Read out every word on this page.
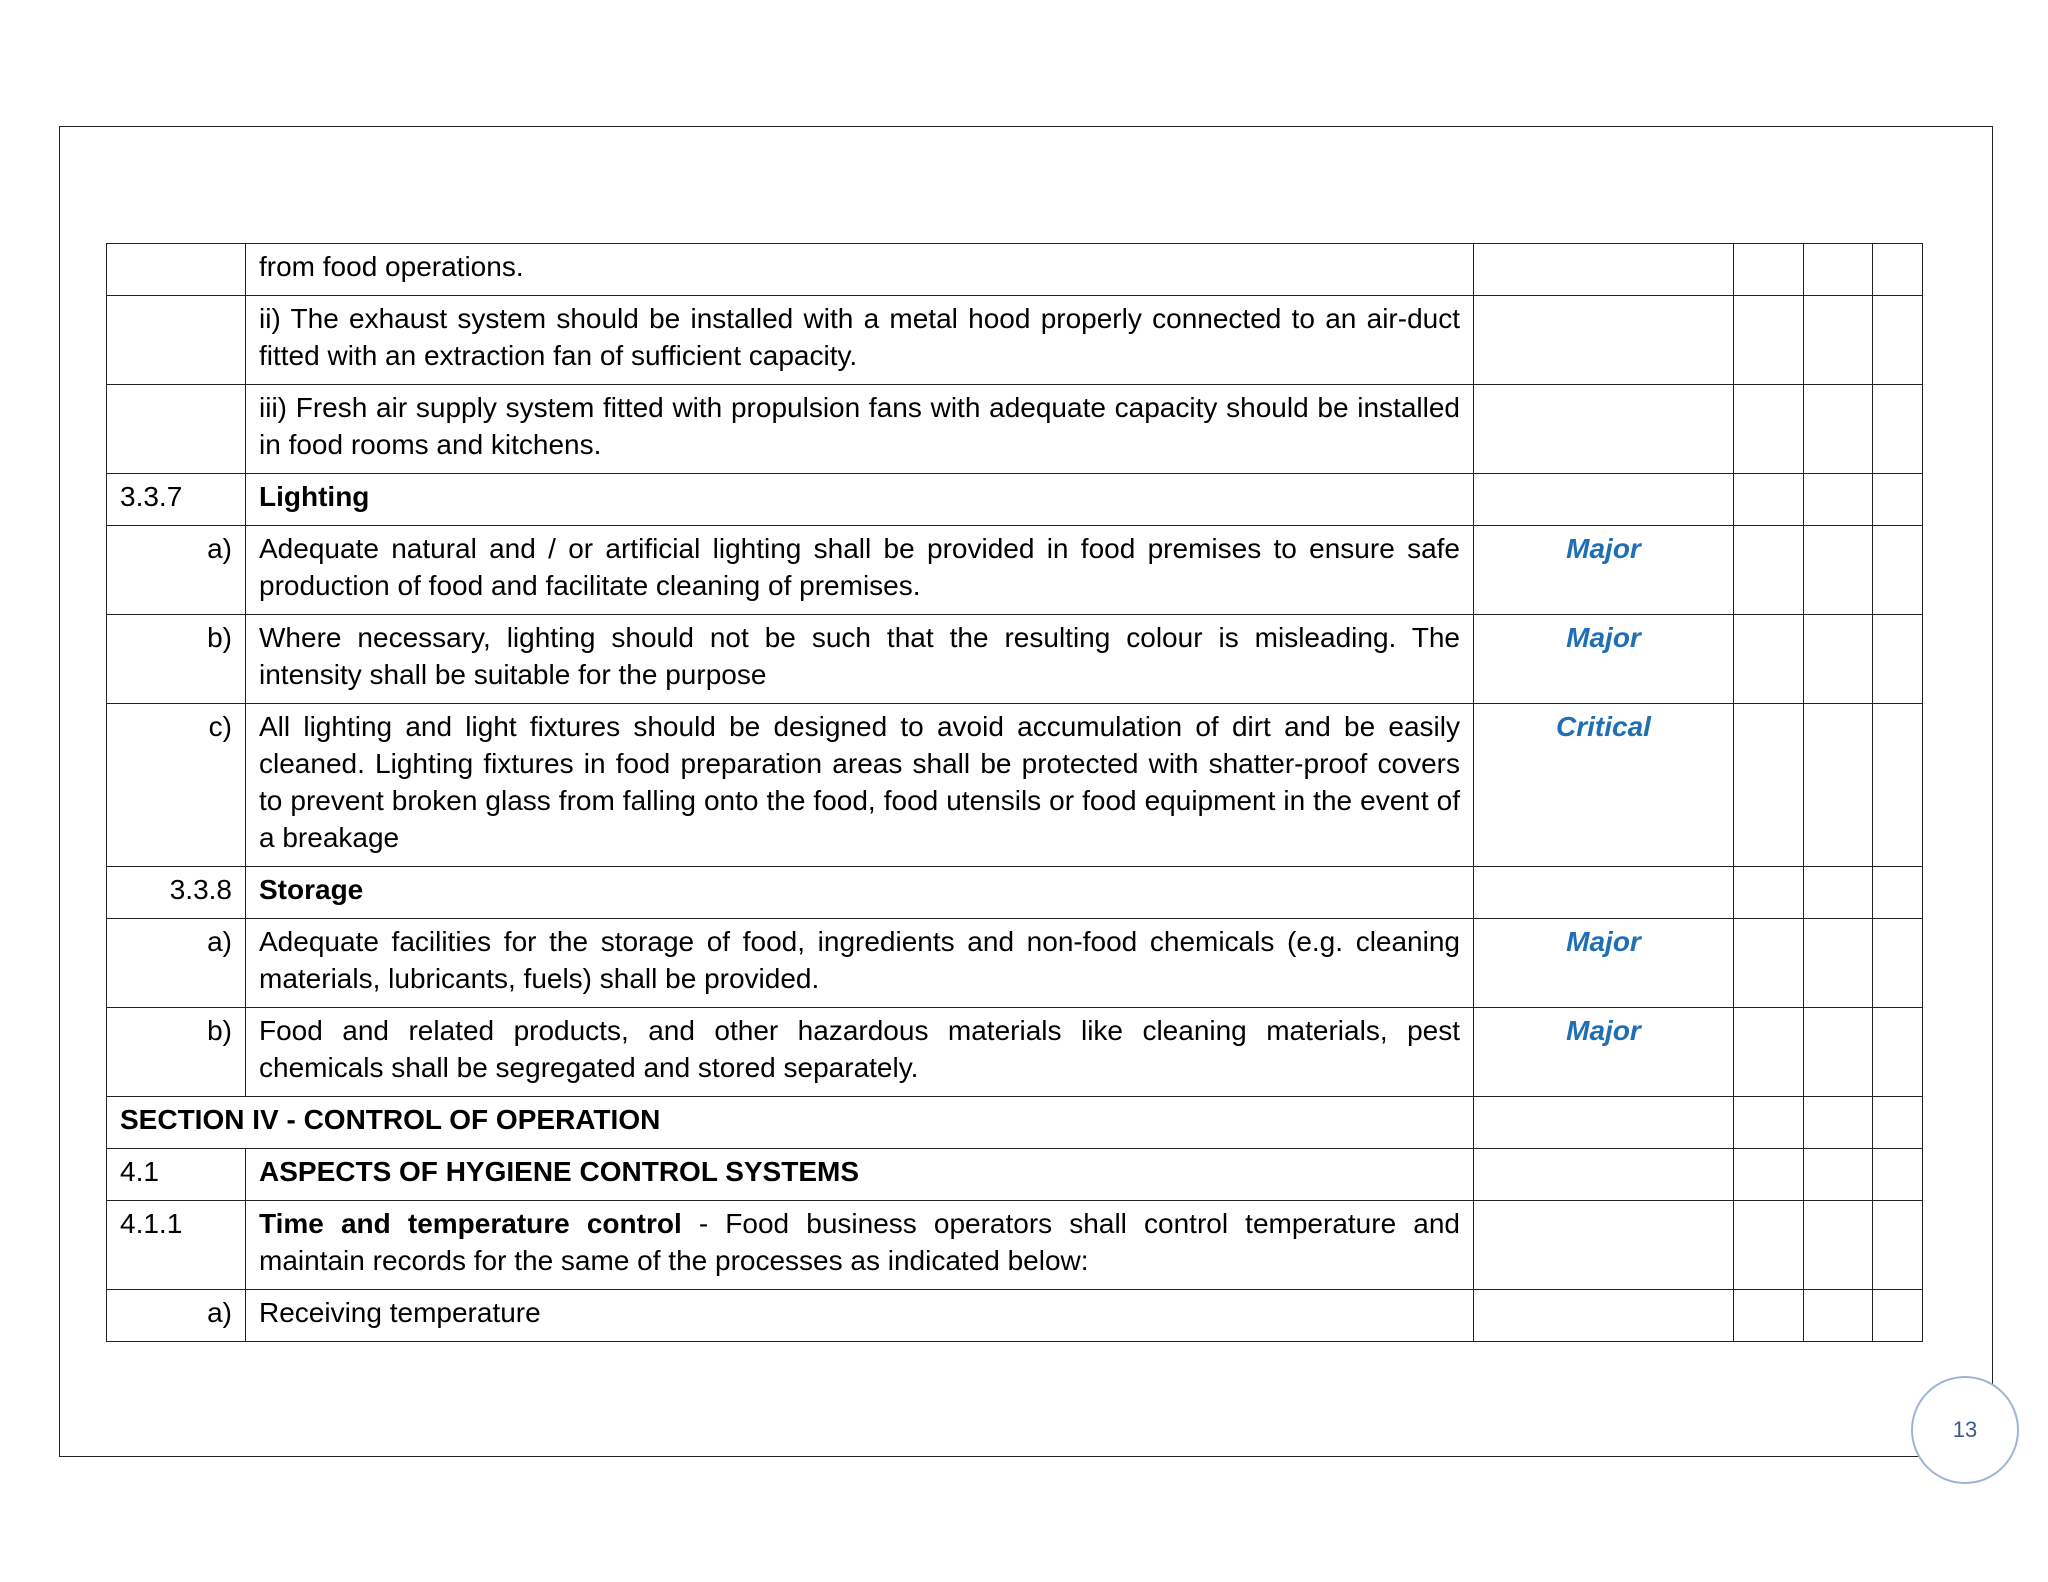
	from food operations.				
	ii) The exhaust system should be installed with a metal hood properly connected to an air-duct fitted with an extraction fan of sufficient capacity.				
	iii) Fresh air supply system fitted with propulsion fans with adequate capacity should be installed in food rooms and kitchens.				
3.3.7	Lighting				
a)	Adequate natural and / or artificial lighting shall be provided in food premises to ensure safe production of food and facilitate cleaning of premises.	Major			
b)	Where necessary, lighting should not be such that the resulting colour is misleading. The intensity shall be suitable for the purpose	Major			
c)	All lighting and light fixtures should be designed to avoid accumulation of dirt and be easily cleaned. Lighting fixtures in food preparation areas shall be protected with shatter-proof covers to prevent broken glass from falling onto the food, food utensils or food equipment in the event of a breakage	Critical			
3.3.8	Storage				
a)	Adequate facilities for the storage of food, ingredients and non-food chemicals (e.g. cleaning materials, lubricants, fuels) shall be provided.	Major			
b)	Food and related products, and other hazardous materials like cleaning materials, pest chemicals shall be segregated and stored separately.	Major			
SECTION IV - CONTROL OF OPERATION					
4.1	ASPECTS OF HYGIENE CONTROL SYSTEMS				
4.1.1	Time and temperature control - Food business operators shall control temperature and maintain records for the same of the processes as indicated below:				
a)	Receiving temperature				
13
